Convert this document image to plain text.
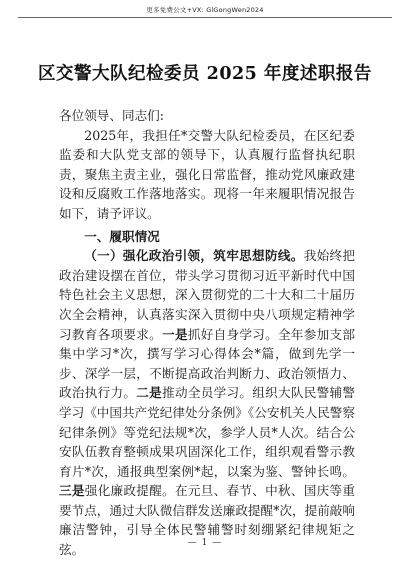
更多免费公文+VX: GlGongWen2024
区交警大队纪检委员 2025 年度述职报告

各位领导、同志们:

2025年，我担任*交警大队纪检委员，在区纪委监委和大队党支部的领导下，认真履行监督执纪职责，聚焦主责主业，强化日常监督，推动党风廉政建设和反腐败工作落地落实。现将一年来履职情况报告如下，请予评议。

一、履职情况

（一）强化政治引领，筑牢思想防线。我始终把政治建设摆在首位，带头学习贯彻习近平新时代中国特色社会主义思想，深入贯彻党的二十大和二十届历次全会精神，认真落实深入贯彻中央八项规定精神学习教育各项要求。一是抓好自身学习。全年参加支部集中学习*次，撰写学习心得体会*篇，做到先学一步、深学一层，不断提高政治判断力、政治领悟力、政治执行力。二是推动全员学习。组织大队民警辅警学习《中国共产党纪律处分条例》《公安机关人民警察纪律条例》等党纪法规*次，参学人员*人次。结合公安队伍教育整顿成果巩固深化工作，组织观看警示教育片*次，通报典型案例*起，以案为鉴、警钟长鸣。三是强化廉政提醒。在元旦、春节、中秋、国庆等重要节点，通过大队微信群发送廉政提醒*次，提前敲响廉洁警钟，引导全体民警辅警时刻绷紧纪律规矩之弦。	— 1 —
